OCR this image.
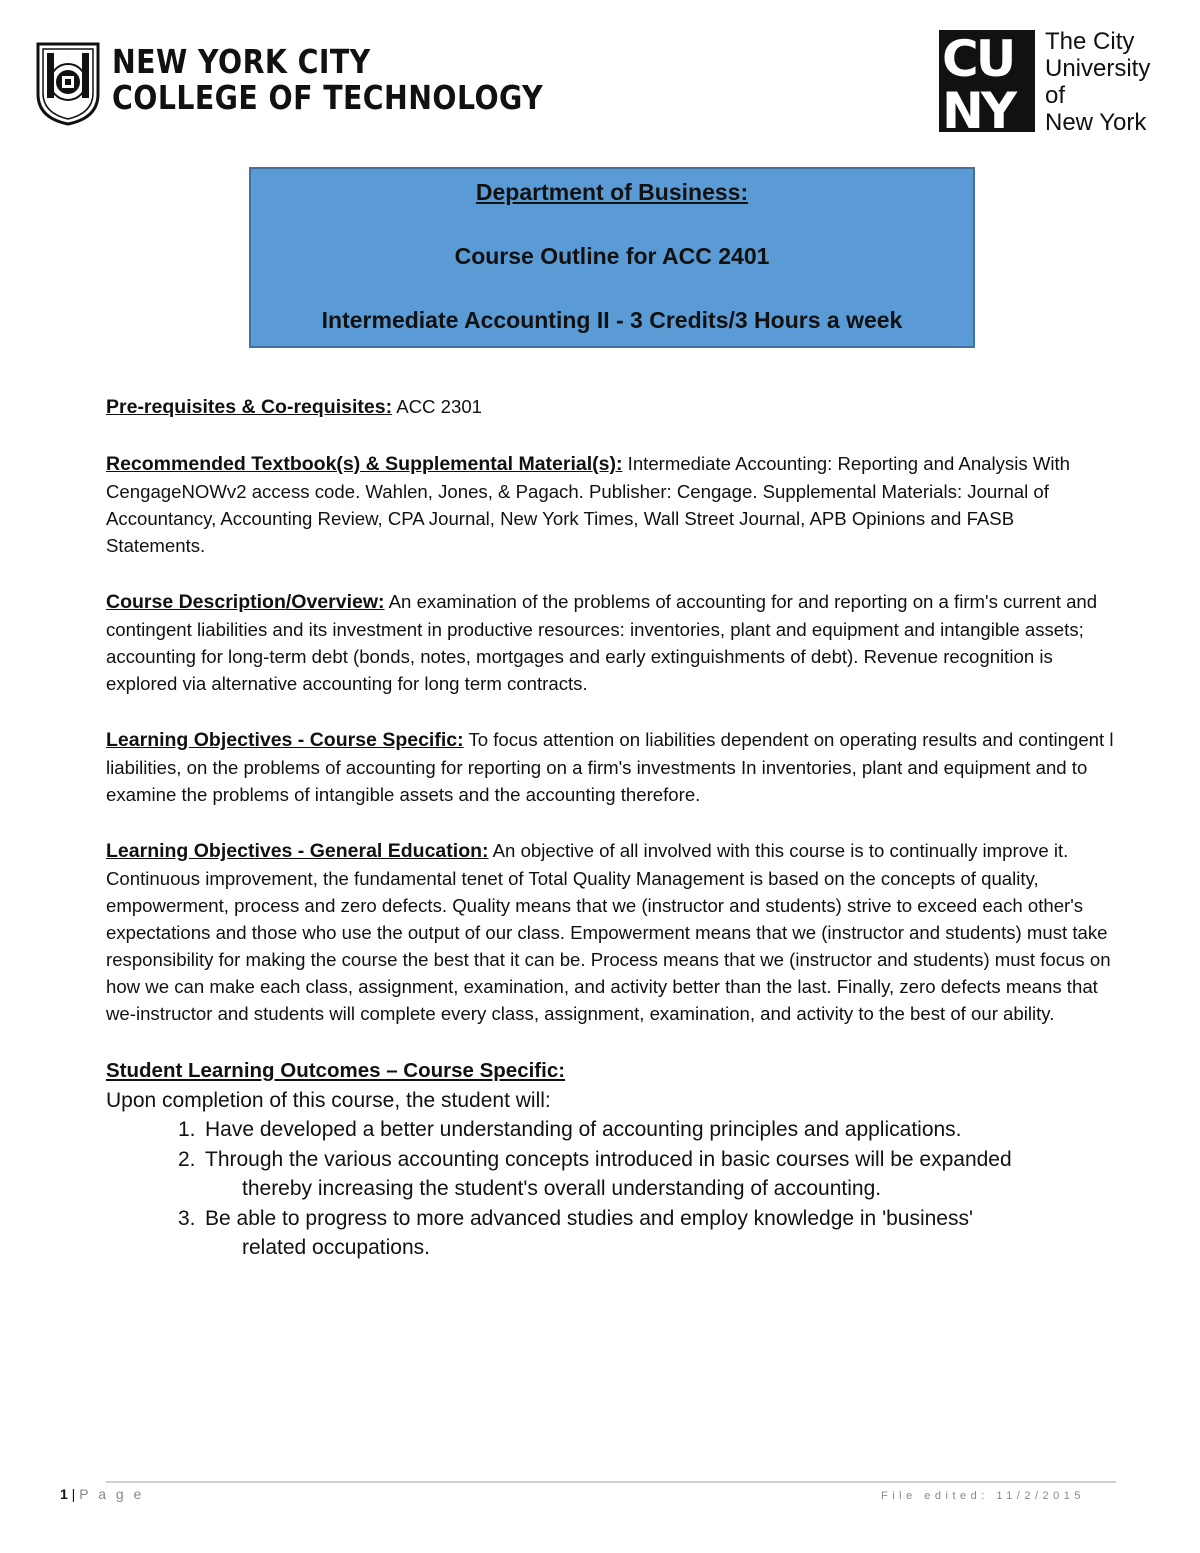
NEW YORK CITY
COLLEGE OF TECHNOLOGY
CU
NY
The City
University
of
New York
Department of Business:
Course Outline for ACC 2401
Intermediate Accounting II - 3 Credits/3 Hours a week

Pre-requisites & Co-requisites: ACC 2301

Recommended Textbook(s) & Supplemental Material(s): Intermediate Accounting: Reporting and Analysis With CengageNOWv2 access code. Wahlen, Jones, & Pagach. Publisher: Cengage. Supplemental Materials: Journal of Accountancy, Accounting Review, CPA Journal, New York Times, Wall Street Journal, APB Opinions and FASB Statements.

Course Description/Overview: An examination of the problems of accounting for and reporting on a firm's current and contingent liabilities and its investment in productive resources: inventories, plant and equipment and intangible assets; accounting for long-term debt (bonds, notes, mortgages and early extinguishments of debt). Revenue recognition is explored via alternative accounting for long term contracts.

Learning Objectives - Course Specific: To focus attention on liabilities dependent on operating results and contingent l liabilities, on the problems of accounting for reporting on a firm's investments In inventories, plant and equipment and to examine the problems of intangible assets and the accounting therefore.

Learning Objectives - General Education: An objective of all involved with this course is to continually improve it. Continuous improvement, the fundamental tenet of Total Quality Management is based on the concepts of quality, empowerment, process and zero defects. Quality means that we (instructor and students) strive to exceed each other's expectations and those who use the output of our class. Empowerment means that we (instructor and students) must take responsibility for making the course the best that it can be. Process means that we (instructor and students) must focus on how we can make each class, assignment, examination, and activity better than the last. Finally, zero defects means that we-instructor and students will complete every class, assignment, examination, and activity to the best of our ability.

Student Learning Outcomes – Course Specific:
Upon completion of this course, the student will:
1. Have developed a better understanding of accounting principles and applications.
2. Through the various accounting concepts introduced in basic courses will be expanded
thereby increasing the student's overall understanding of accounting.
3. Be able to progress to more advanced studies and employ knowledge in 'business'
related occupations.
1 | P a g e	File edited: 11/2/2015
